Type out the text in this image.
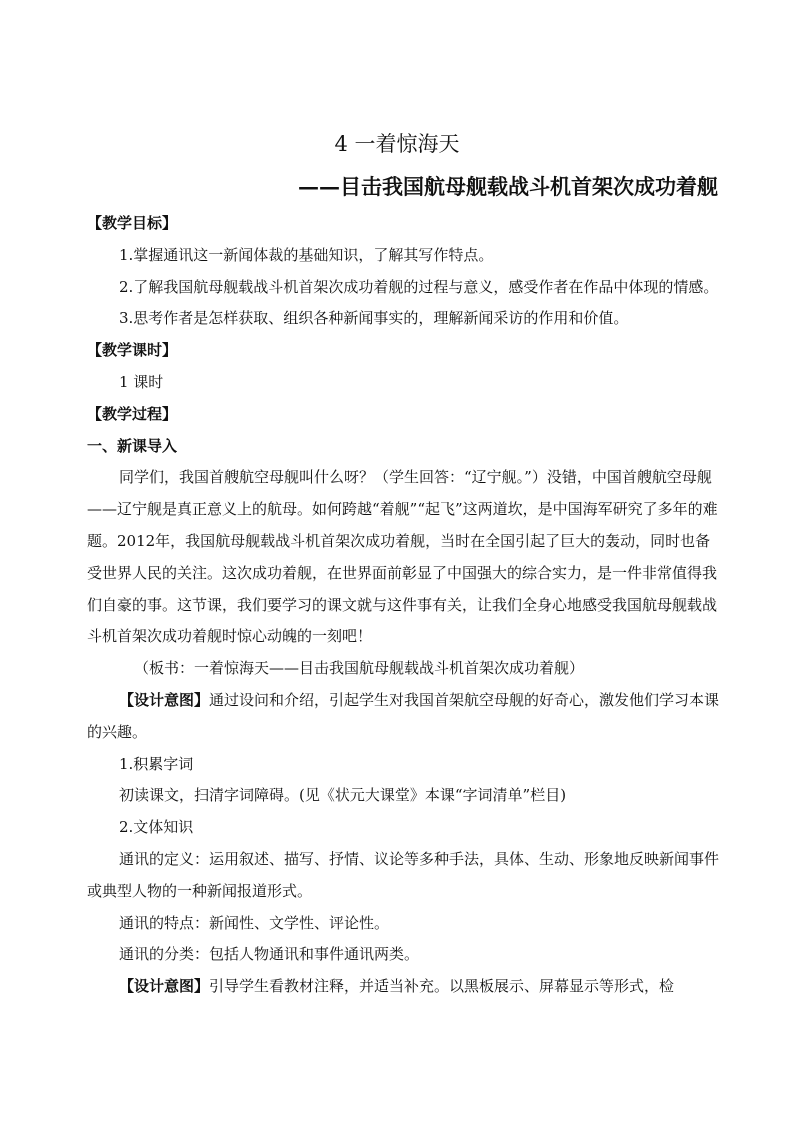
4 一着惊海天
——目击我国航母舰载战斗机首架次成功着舰

【教学目标】

1.掌握通讯这一新闻体裁的基础知识，了解其写作特点。

2.了解我国航母舰载战斗机首架次成功着舰的过程与意义，感受作者在作品中体现的情感。

3.思考作者是怎样获取、组织各种新闻事实的，理解新闻采访的作用和价值。

【教学课时】

1 课时

【教学过程】

一、新课导入

同学们，我国首艘航空母舰叫什么呀？（学生回答：“辽宁舰。”）没错，中国首艘航空母舰——辽宁舰是真正意义上的航母。如何跨越“着舰”“起飞”这两道坎，是中国海军研究了多年的难题。2012年，我国航母舰载战斗机首架次成功着舰，当时在全国引起了巨大的轰动，同时也备受世界人民的关注。这次成功着舰，在世界面前彰显了中国强大的综合实力，是一件非常值得我们自豪的事。这节课，我们要学习的课文就与这件事有关，让我们全身心地感受我国航母舰载战斗机首架次成功着舰时惊心动魄的一刻吧！

（板书：一着惊海天——目击我国航母舰载战斗机首架次成功着舰）

【设计意图】通过设问和介绍，引起学生对我国首架航空母舰的好奇心，激发他们学习本课的兴趣。

1.积累字词

初读课文，扫清字词障碍。(见《状元大课堂》本课“字词清单”栏目)

2.文体知识

通讯的定义：运用叙述、描写、抒情、议论等多种手法，具体、生动、形象地反映新闻事件或典型人物的一种新闻报道形式。

通讯的特点：新闻性、文学性、评论性。

通讯的分类：包括人物通讯和事件通讯两类。

【设计意图】引导学生看教材注释，并适当补充。以黑板展示、屏幕显示等形式，检
